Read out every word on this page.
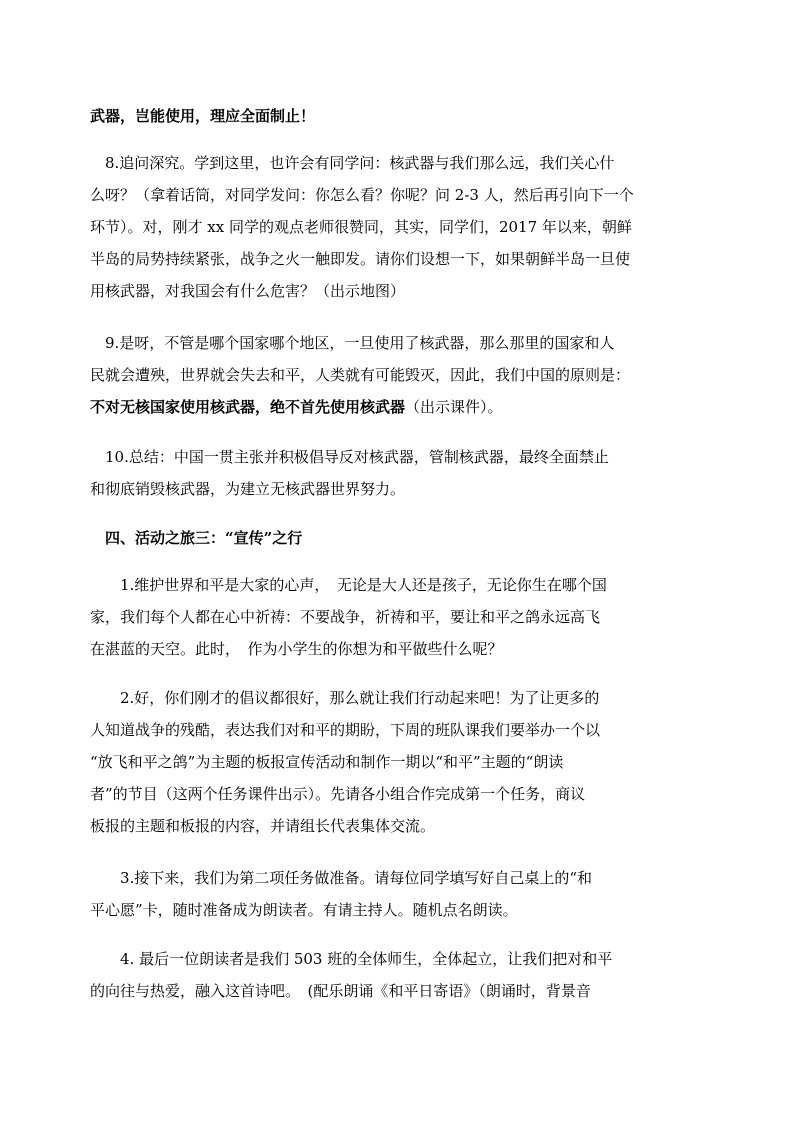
武器，岂能使用，理应全面制止！
　8.追问深究。学到这里，也许会有同学问：核武器与我们那么远，我们关心什
么呀？（拿着话筒，对同学发问：你怎么看？你呢？问 2-3 人，然后再引向下一个
环节）。对，刚才 xx 同学的观点老师很赞同，其实，同学们，2017 年以来，朝鲜
半岛的局势持续紧张，战争之火一触即发。请你们设想一下，如果朝鲜半岛一旦使
用核武器，对我国会有什么危害？（出示地图）
　9.是呀，不管是哪个国家哪个地区，一旦使用了核武器，那么那里的国家和人
民就会遭殃，世界就会失去和平，人类就有可能毁灭，因此，我们中国的原则是：
不对无核国家使用核武器，绝不首先使用核武器（出示课件）。
　10.总结：中国一贯主张并积极倡导反对核武器，管制核武器，最终全面禁止
和彻底销毁核武器，为建立无核武器世界努力。
　四、活动之旅三：“宣传”之行
　　1.维护世界和平是大家的心声，　无论是大人还是孩子，无论你生在哪个国
家，我们每个人都在心中祈祷：不要战争，祈祷和平，要让和平之鸽永远高飞
在湛蓝的天空。此时，　作为小学生的你想为和平做些什么呢？
　　2.好，你们刚才的倡议都很好，那么就让我们行动起来吧！为了让更多的
人知道战争的残酷，表达我们对和平的期盼，下周的班队课我们要举办一个以
“放飞和平之鸽”为主题的板报宣传活动和制作一期以“和平”主题的“朗读
者”的节目（这两个任务课件出示）。先请各小组合作完成第一个任务，商议
板报的主题和板报的内容，并请组长代表集体交流。
　　3.接下来，我们为第二项任务做准备。请每位同学填写好自己桌上的“和
平心愿”卡，随时准备成为朗读者。有请主持人。随机点名朗读。
　　4. 最后一位朗读者是我们 503 班的全体师生，全体起立，让我们把对和平
的向往与热爱，融入这首诗吧。　(配乐朗诵《和平日寄语》（朗诵时，背景音
